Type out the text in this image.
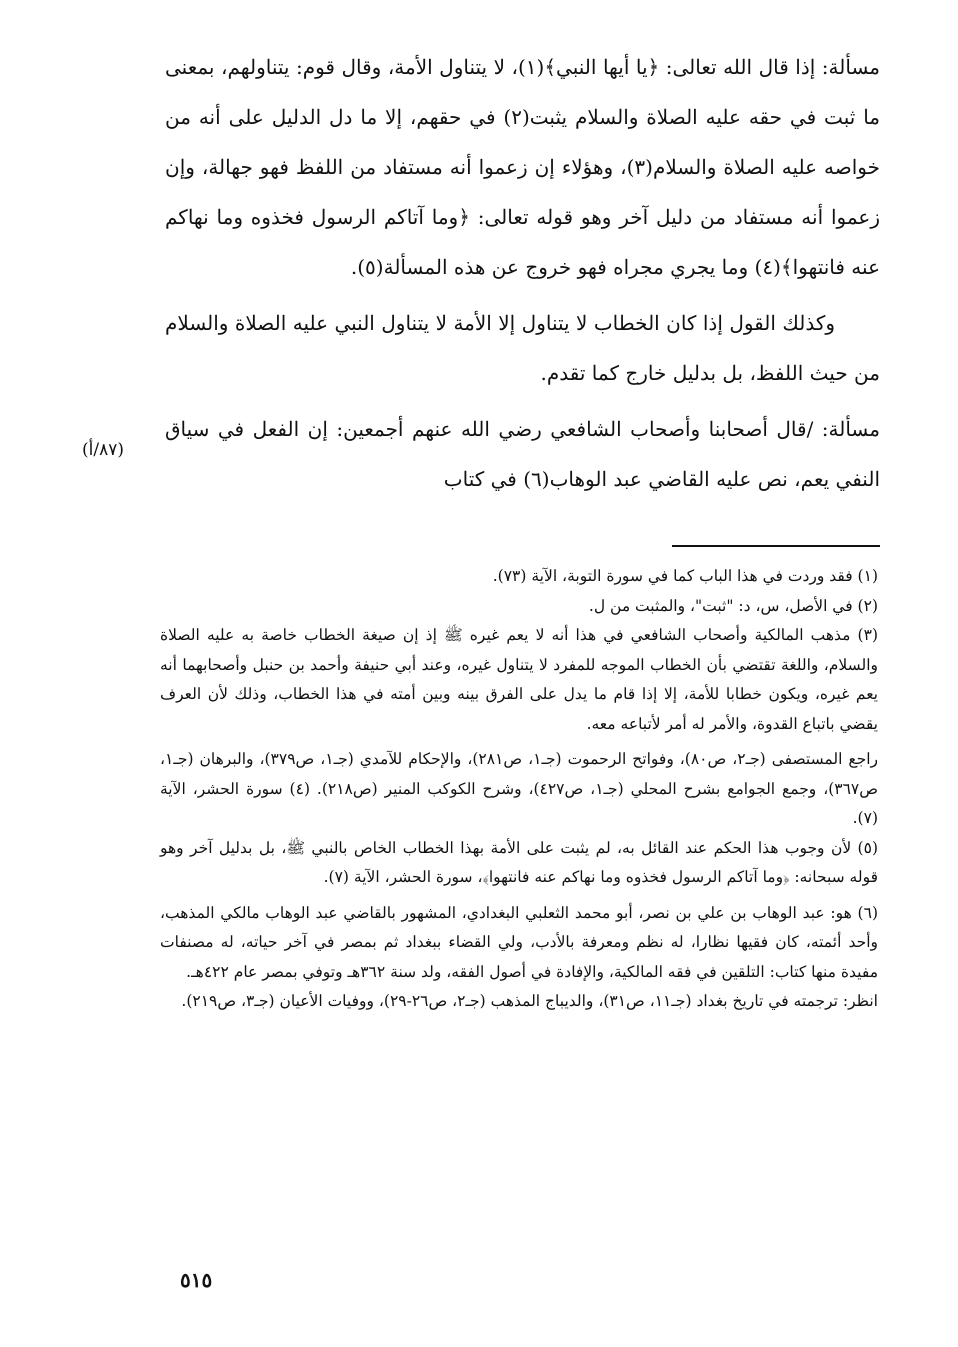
مسألة: إذا قال الله تعالى: ﴿يا أيها النبي﴾(١)، لا يتناول الأمة، وقال قوم: يتناولهم، بمعنى ما ثبت في حقه عليه الصلاة والسلام يثبت(٢) في حقهم، إلا ما دل الدليل على أنه من خواصه عليه الصلاة والسلام(٣)، وهؤلاء إن زعموا أنه مستفاد من اللفظ فهو جهالة، وإن زعموا أنه مستفاد من دليل آخر وهو قوله تعالى: ﴿وما آتاكم الرسول فخذوه وما نهاكم عنه فانتهوا﴾(٤) وما يجري مجراه فهو خروج عن هذه المسألة(٥).

وكذلك القول إذا كان الخطاب لا يتناول إلا الأمة لا يتناول النبي عليه الصلاة والسلام من حيث اللفظ، بل بدليل خارج كما تقدم.

مسألة: /قال أصحابنا وأصحاب الشافعي رضي الله عنهم أجمعين: إن الفعل في سياق النفي يعم، نص عليه القاضي عبد الوهاب(٦) في كتاب

(٨٧/أ)

(١) فقد وردت في هذا الباب كما في سورة التوبة، الآية (٧٣).

(٢) في الأصل، س، د: "ثبت"، والمثبت من ل.

(٣) مذهب المالكية وأصحاب الشافعي في هذا أنه لا يعم غيره ﷺ إذ إن صيغة الخطاب خاصة به عليه الصلاة والسلام، واللغة تقتضي بأن الخطاب الموجه للمفرد لا يتناول غيره، وعند أبي حنيفة وأحمد بن حنبل وأصحابهما أنه يعم غيره، ويكون خطابا للأمة، إلا إذا قام ما يدل على الفرق بينه وبين أمته في هذا الخطاب، وذلك لأن العرف يقضي باتباع القدوة، والأمر له أمر لأتباعه معه.

راجع المستصفى (جـ٢، ص٨٠)، وفواتح الرحموت (جـ١، ص٢٨١)، والإحكام للآمدي (جـ١، ص٣٧٩)، والبرهان (جـ١، ص٣٦٧)، وجمع الجوامع بشرح المحلي (جـ١، ص٤٢٧)، وشرح الكوكب المنير (ص٢١٨). (٤) سورة الحشر، الآية (٧).

(٥) لأن وجوب هذا الحكم عند القائل به، لم يثبت على الأمة بهذا الخطاب الخاص بالنبي ﷺ، بل بدليل آخر وهو قوله سبحانه: ﴿وما آتاكم الرسول فخذوه وما نهاكم عنه فانتهوا﴾، سورة الحشر، الآية (٧).

(٦) هو: عبد الوهاب بن علي بن نصر، أبو محمد الثعلبي البغدادي، المشهور بالقاضي عبد الوهاب مالكي المذهب، وأحد أئمته، كان فقيها نظارا، له نظم ومعرفة بالأدب، ولي القضاء ببغداد ثم بمصر في آخر حياته، له مصنفات مفيدة منها كتاب: التلقين في فقه المالكية، والإفادة في أصول الفقه، ولد سنة ٣٦٢هـ وتوفي بمصر عام ٤٢٢هـ.

انظر: ترجمته في تاريخ بغداد (جـ١١، ص٣١)، والديباج المذهب (جـ٢، ص٢٦-٢٩)، ووفيات الأعيان (جـ٣، ص٢١٩).

٥١٥
